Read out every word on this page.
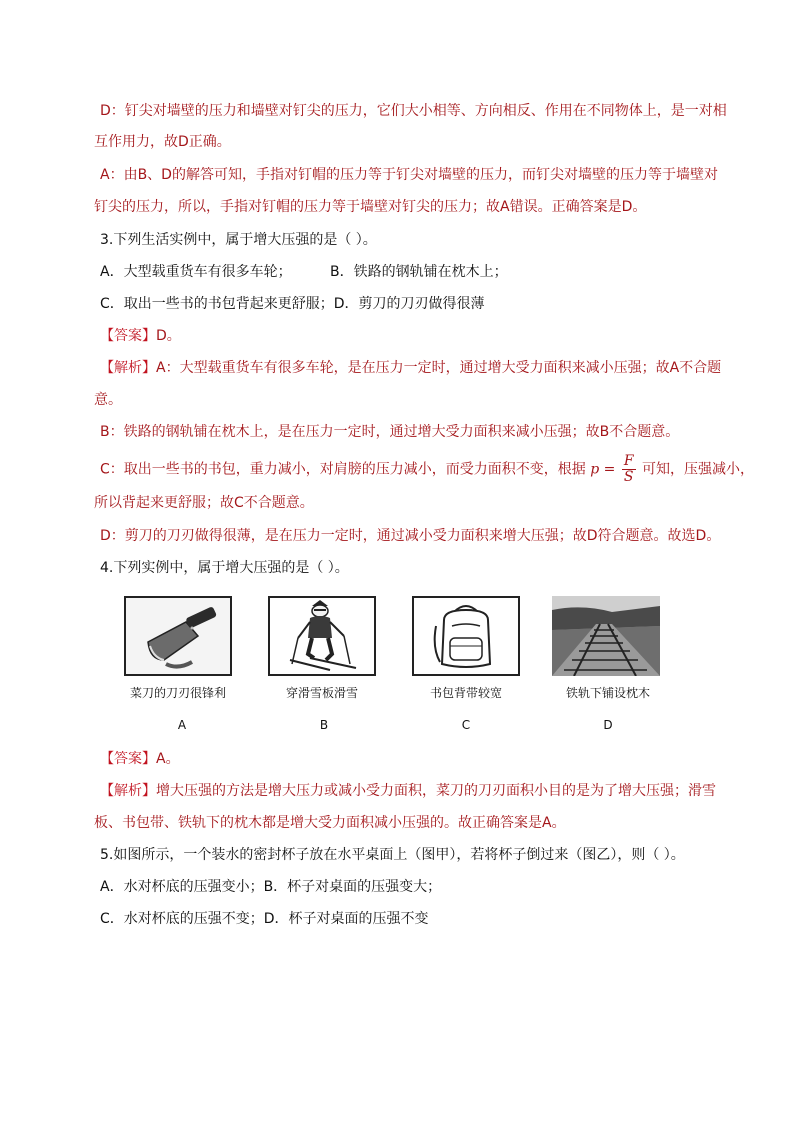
D：钉尖对墙壁的压力和墙壁对钉尖的压力，它们大小相等、方向相反、作用在不同物体上，是一对相
互作用力，故D正确。
A：由B、D的解答可知，手指对钉帽的压力等于钉尖对墙壁的压力，而钉尖对墙壁的压力等于墙壁对
钉尖的压力，所以，手指对钉帽的压力等于墙壁对钉尖的压力；故A错误。正确答案是D。
3.下列生活实例中，属于增大压强的是（ ）。
A．大型载重货车有很多车轮；	B．铁路的钢轨铺在枕木上；
C．取出一些书的书包背起来更舒服；D．剪刀的刀刃做得很薄
【答案】D。
【解析】A：大型载重货车有很多车轮，是在压力一定时，通过增大受力面积来减小压强；故A不合题
意。
B：铁路的钢轨铺在枕木上，是在压力一定时，通过增大受力面积来减小压强；故B不合题意。
C：取出一些书的书包，重力减小，对肩膀的压力减小，而受力面积不变，根据 $p = \frac{F}{S}$ 可知，压强减小，
所以背起来更舒服；故C不合题意。
D：剪刀的刀刃做得很薄，是在压力一定时，通过减小受力面积来增大压强；故D符合题意。故选D。
4.下列实例中，属于增大压强的是（ ）。
菜刀的刀刃很锋利
A
穿滑雪板滑雪
B
书包背带较宽
C
铁轨下铺设枕木
D
【答案】A。
【解析】增大压强的方法是增大压力或减小受力面积，菜刀的刀刃面积小目的是为了增大压强；滑雪
板、书包带、铁轨下的枕木都是增大受力面积减小压强的。故正确答案是A。
5.如图所示，一个装水的密封杯子放在水平桌面上（图甲），若将杯子倒过来（图乙），则（ ）。
A．水对杯底的压强变小；B．杯子对桌面的压强变大；
C．水对杯底的压强不变；D．杯子对桌面的压强不变
